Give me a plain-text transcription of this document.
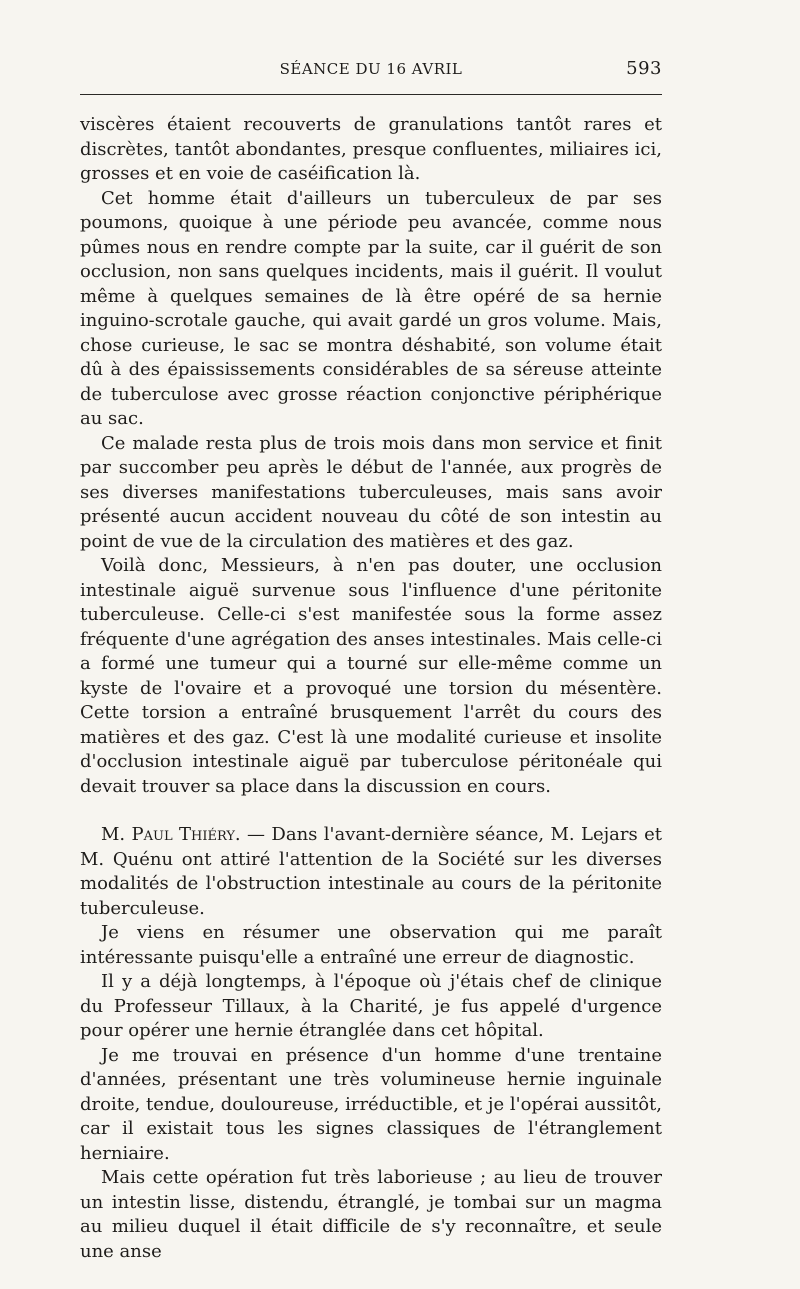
SÉANCE DU 16 AVRIL	593

viscères étaient recouverts de granulations tantôt rares et discrètes, tantôt abondantes, presque confluentes, miliaires ici, grosses et en voie de caséification là.

Cet homme était d'ailleurs un tuberculeux de par ses poumons, quoique à une période peu avancée, comme nous pûmes nous en rendre compte par la suite, car il guérit de son occlusion, non sans quelques incidents, mais il guérit. Il voulut même à quelques semaines de là être opéré de sa hernie inguino-scrotale gauche, qui avait gardé un gros volume. Mais, chose curieuse, le sac se montra déshabité, son volume était dû à des épaississements considérables de sa séreuse atteinte de tuberculose avec grosse réaction conjonctive périphérique au sac.

Ce malade resta plus de trois mois dans mon service et finit par succomber peu après le début de l'année, aux progrès de ses diverses manifestations tuberculeuses, mais sans avoir présenté aucun accident nouveau du côté de son intestin au point de vue de la circulation des matières et des gaz.

Voilà donc, Messieurs, à n'en pas douter, une occlusion intestinale aiguë survenue sous l'influence d'une péritonite tuberculeuse. Celle-ci s'est manifestée sous la forme assez fréquente d'une agrégation des anses intestinales. Mais celle-ci a formé une tumeur qui a tourné sur elle-même comme un kyste de l'ovaire et a provoqué une torsion du mésentère. Cette torsion a entraîné brusquement l'arrêt du cours des matières et des gaz. C'est là une modalité curieuse et insolite d'occlusion intestinale aiguë par tuberculose péritonéale qui devait trouver sa place dans la discussion en cours.

M. Paul Thiéry. — Dans l'avant-dernière séance, M. Lejars et M. Quénu ont attiré l'attention de la Société sur les diverses modalités de l'obstruction intestinale au cours de la péritonite tuberculeuse.

Je viens en résumer une observation qui me paraît intéressante puisqu'elle a entraîné une erreur de diagnostic.

Il y a déjà longtemps, à l'époque où j'étais chef de clinique du Professeur Tillaux, à la Charité, je fus appelé d'urgence pour opérer une hernie étranglée dans cet hôpital.

Je me trouvai en présence d'un homme d'une trentaine d'années, présentant une très volumineuse hernie inguinale droite, tendue, douloureuse, irréductible, et je l'opérai aussitôt, car il existait tous les signes classiques de l'étranglement herniaire.

Mais cette opération fut très laborieuse ; au lieu de trouver un intestin lisse, distendu, étranglé, je tombai sur un magma au milieu duquel il était difficile de s'y reconnaître, et seule une anse
